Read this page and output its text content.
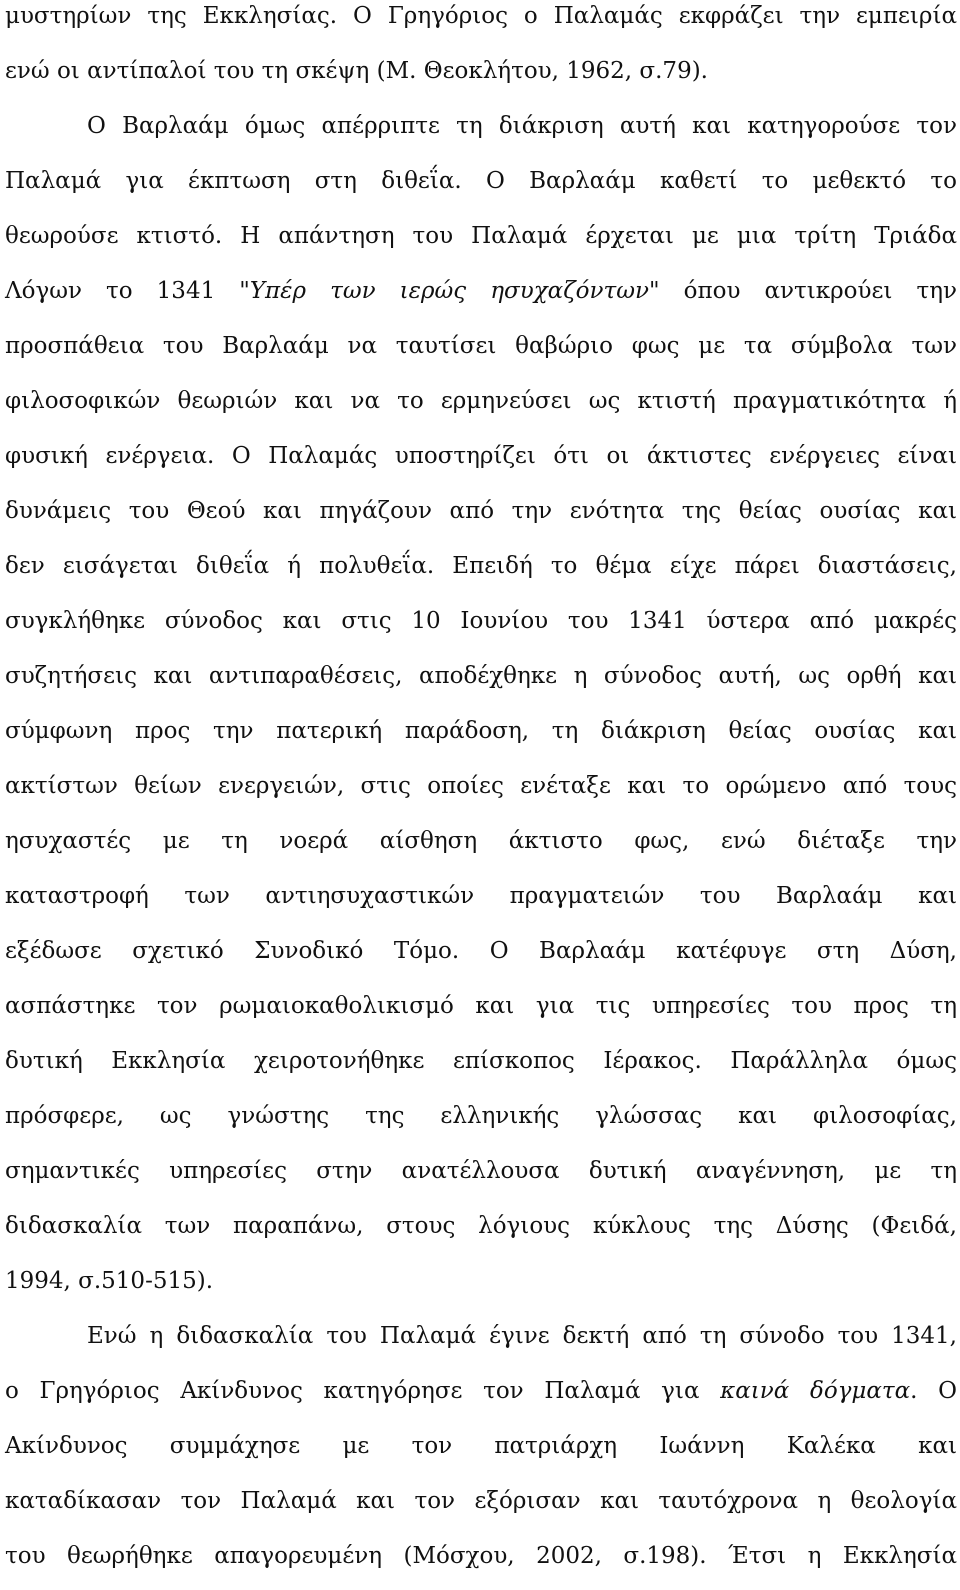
μυστηρίων της Εκκλησίας. Ο Γρηγόριος ο Παλαμάς εκφράζει την εμπειρία
ενώ οι αντίπαλοί του τη σκέψη (Μ. Θεοκλήτου, 1962, σ.79).
Ο Βαρλαάμ όμως απέρριπτε τη διάκριση αυτή και κατηγορούσε τον
Παλαμά για έκπτωση στη διθεΐα. Ο Βαρλαάμ καθετί το μεθεκτό το
θεωρούσε κτιστό. Η απάντηση του Παλαμά έρχεται με μια τρίτη Τριάδα
Λόγων το 1341 "Υπέρ των ιερώς ησυχαζόντων" όπου αντικρούει την
προσπάθεια του Βαρλαάμ να ταυτίσει θαβώριο φως με τα σύμβολα των
φιλοσοφικών θεωριών και να το ερμηνεύσει ως κτιστή πραγματικότητα ή
φυσική ενέργεια. Ο Παλαμάς υποστηρίζει ότι οι άκτιστες ενέργειες είναι
δυνάμεις του Θεού και πηγάζουν από την ενότητα της θείας ουσίας και
δεν εισάγεται διθεΐα ή πολυθεΐα. Επειδή το θέμα είχε πάρει διαστάσεις,
συγκλήθηκε σύνοδος και στις 10 Ιουνίου του 1341 ύστερα από μακρές
συζητήσεις και αντιπαραθέσεις, αποδέχθηκε η σύνοδος αυτή, ως ορθή και
σύμφωνη προς την πατερική παράδοση, τη διάκριση θείας ουσίας και
ακτίστων θείων ενεργειών, στις οποίες ενέταξε και το ορώμενο από τους
ησυχαστές με τη νοερά αίσθηση άκτιστο φως, ενώ διέταξε την
καταστροφή των αντιησυχαστικών πραγματειών του Βαρλαάμ και
εξέδωσε σχετικό Συνοδικό Τόμο. Ο Βαρλαάμ κατέφυγε στη Δύση,
ασπάστηκε τον ρωμαιοκαθολικισμό και για τις υπηρεσίες του προς τη
δυτική Εκκλησία χειροτονήθηκε επίσκοπος Ιέρακος. Παράλληλα όμως
πρόσφερε, ως γνώστης της ελληνικής γλώσσας και φιλοσοφίας,
σημαντικές υπηρεσίες στην ανατέλλουσα δυτική αναγέννηση, με τη
διδασκαλία των παραπάνω, στους λόγιους κύκλους της Δύσης (Φειδά,
1994, σ.510-515).
Ενώ η διδασκαλία του Παλαμά έγινε δεκτή από τη σύνοδο του 1341,
ο Γρηγόριος Ακίνδυνος κατηγόρησε τον Παλαμά για καινά δόγματα. Ο
Ακίνδυνος συμμάχησε με τον πατριάρχη Ιωάννη Καλέκα και
καταδίκασαν τον Παλαμά και τον εξόρισαν και ταυτόχρονα η θεολογία
του θεωρήθηκε απαγορευμένη (Μόσχου, 2002, σ.198). Έτσι η Εκκλησία
